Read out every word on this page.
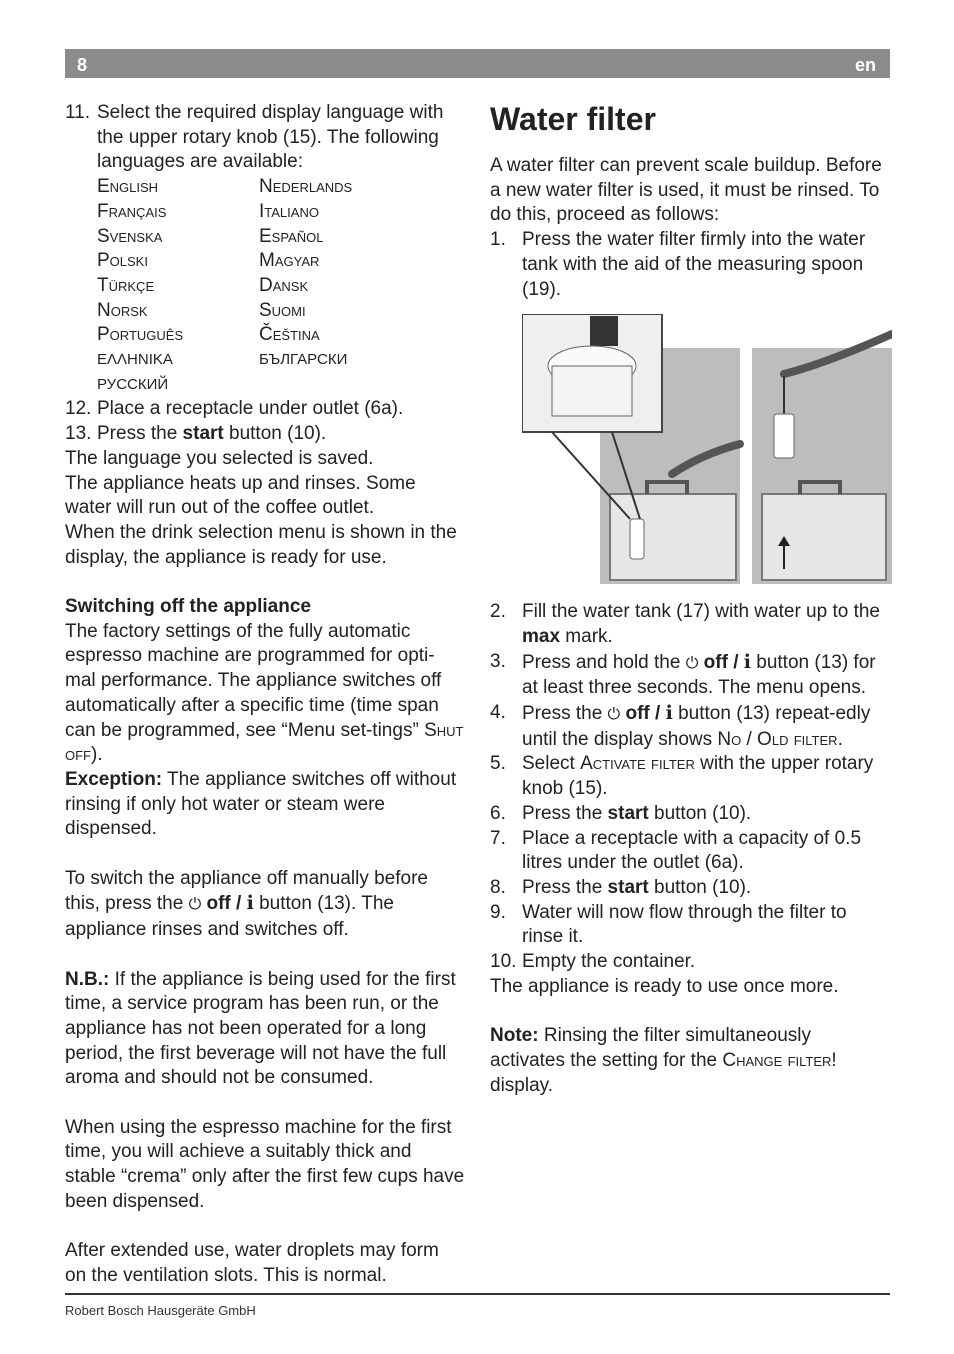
8	en
11. Select the required display language with the upper rotary knob (15). The following languages are available:
English	Nederlands
Français	Italiano
Svenska	Español
Polski	Magyar
Türkçe	Dansk
Norsk	Suomi
Português	Čeština
ΕΛΛΗΝΙΚΑ	БЪЛГАРСКИ
РУССКИЙ
12. Place a receptacle under outlet (6a).
13. Press the start button (10).

The language you selected is saved.

The appliance heats up and rinses. Some water will run out of the coffee outlet.

When the drink selection menu is shown in the display, the appliance is ready for use.

Switching off the appliance

The factory settings of the fully automatic espresso machine are programmed for opti-mal performance. The appliance switches off automatically after a specific time (time span can be programmed, see “Menu set-tings” Shut off).

Exception: The appliance switches off without rinsing if only hot water or steam were dispensed.

To switch the appliance off manually before this, press the ⏻ off / i button (13). The appliance rinses and switches off.

N.B.: If the appliance is being used for the first time, a service program has been run, or the appliance has not been operated for a long period, the first beverage will not have the full aroma and should not be consumed.

When using the espresso machine for the first time, you will achieve a suitably thick and stable “crema” only after the first few cups have been dispensed.

After extended use, water droplets may form on the ventilation slots. This is normal.

Water filter

A water filter can prevent scale buildup. Before a new water filter is used, it must be rinsed. To do this, proceed as follows:

1. Press the water filter firmly into the water tank with the aid of the measuring spoon (19).
2. Fill the water tank (17) with water up to the max mark.
3. Press and hold the ⏻ off / i button (13) for at least three seconds. The menu opens.
4. Press the ⏻ off / i button (13) repeat-edly until the display shows No / Old filter.
5. Select Activate filter with the upper rotary knob (15).
6. Press the start button (10).
7. Place a receptacle with a capacity of 0.5 litres under the outlet (6a).
8. Press the start button (10).
9. Water will now flow through the filter to rinse it.
10. Empty the container.

The appliance is ready to use once more.

Note: Rinsing the filter simultaneously activates the setting for the Change filter! display.

Robert Bosch Hausgeräte GmbH
